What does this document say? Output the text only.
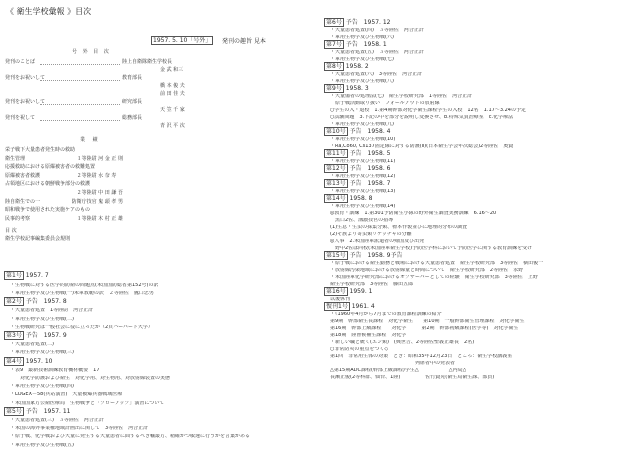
《 衛生学校彙報 》目次
1957. 5. 10「号外」	発刊の趣旨 見本
号 外 目 次
発刊のことば	陸上自衛隊衛生学校長
金 武 和三
発刊をお祝いして	教育部長
橋 本 俊 夫
前 田 佳 夫
発刊をお祝いして	研究部長
天 笠 千 家
発刊を祝して	総務部長
青 沢 平 次
業 績
栄子戦下大量患者発生時の救助
衛生管理　　　　　　　　　　 １等陸尉 河 金 正 則
応援救助における原爆被害者の救難処置
原爆被害者救護　　　　　　　 ２等陸尉 水 奈 寿
占領地区における朝鮮戦争部分の救護
　　　　　　　　　　　　　　 ２等陸尉 中 田 謙 吾
陸自衛生での一　　　　　　 防衛庁技官 鬼 頭 孝 男
昭和戦争で使用された実施ケアのもの
民事的考察　　　　　　　　　 １等陸尉 木 村 正 雄
目 次
衛生学校記事編集委員会規則
第1号 1957. 7
・生物戦に対する医学的防衛の問題点(米国国防総省第152号)の訳
・軍用生物学及び生物戦(一)米軍教範の訳　２等陸佐　鷹口忠男
第2号 予告　1957. 8
・大量患者処置　1等陸尉　河合正計
・軍用生物学及び生物戦(二)
・生物戦研究は一般社会に役に立ったか（2頁ハーバード大学）
第3号 予告　1957. 9
・大量患者処置(二)
・軍用生物学及び生物戦(三)
第4号 1957. 10
・表9　最新技術訓練教育機材概要　17
　　対化学防護および衛生　対化学用、対生物用、対放射線装置の実態
・軍用生物学及び生物戦(四)
・LOGEX－58(兵站演習)　大量被爆兵器戦域医療
・米国国家方公衛医療局　生物戦争と「ブローアップ」演習について
第5号 予告　1957. 11
・大量患者処置(三)　３等陸佐　河合正計
・米国の海外事業権地域計画出に関して　3等陸佐　河合正計
・原子戦、化学戦および大量に発生する大量患者に面するべき輸最方、精確かつ敏速に行うかを言葉がある
・軍用生物学及び生物戦(五)
第6号 予告　1957. 12
・大量患者処置(四)　３等陸佐　河合正計
・軍用生物学及び生物戦(六)
第7号 予告　1958. 1
・大量患者処置(五)　３等陸佐　河合正計
・軍用生物学及び生物戦(七)
第8号 1958. 2
・大量患者処置(六)　3等陸佐　河合正計
・軍用生物学及び生物戦(八)
第9号 1958. 3
・大量傷者の処理法(七)　衛生学校研究部　1等陸佐　河合正計
　原子戦活動取り扱い　フォールアウトの放射線
○学生の入・退校　1.第4期幹部対化学衛生課程学生の入校　12名　1.17～3.24の予定
○試験問題　3.下記の中を部分を説明し変換させ、b.特殊気質治療室　c.化学療法
・軍用生物学及び生物戦(九)
第10号 予告　1958. 4
・軍用生物学及び生物戦(10)
・Ra,Co60, Cs137固定線に対する防護(Ⅱ)(日本衛生学会年次総会)2等陸佐　奥賢
第11号 予告　1958. 5
・軍用生物学及び生物戦(11)
第12号 予告　1958. 6
・軍用生物学及び生物戦(12)
第13号 予告　1958. 7
・軍用生物学及び生物戦(13)
第14号 1958. 8
・軍用生物学及び生物戦(14)
◎教育・訓練　1.第301予防衛生小隊の野外衛生調査実務訓練　6.16～20
　黒口2佐、溝濃技官の指導
(1)生息・生虫の採集分類、標本作製並びに地理的分布の調査
(2)そ族より寄虫類リケッチャの分離
◎人事　2.米国陸軍派遣者の帰国及び出発
　野中2佐は同校(米国陸軍衛生学校)予防医学科において予防医学に関する教育訓練を受け
第15号 予告　1958. 9予告
・原子戦における衛生勤務と戦場における大量患者処置　衛生学校研究部　3等陸佐　横田俊一
・放射線汚染地域における放射線量と時間について　衛生学校研究部　2等陸佐　永野
・米国陸軍化学研究部におけるオブザーバーとしての経験　衛生学校研究部　3等陸佐　上野
衛生学校研究部　3等陸佐　藤田五郎
第16号 1959. 1
以後休刊
復刊1号 1961. 4
・《1960年4月から7月までの教育課程訓練の紹介
第9期　幹部衛生長課程　対化学衛生　　第10期　一般幹部衛生管理課程　対化学衛生
第16期　幹部上級課程　　対化学　　　第2期　幹部初級課程(医学等)　対化学衛生
第18期　陸曹候補生課程　対化学
・新しい職と統く(エン類)　(興世吉、2等陸佐聖義正雄長　2名)
○非常防災の重点をつく◇
第1回　非常用生体の対策　とき：昭和35年12月23日　ところ：衛生学校講義室
　　　　　　　　　　　　　　　　　列席者中の発表者
△第15期ADC課程(幹部上級課程)学生△　　　　　　△内局△
長瀬正俊(2等科群、仙台、1陸)　　　　　佐竹賢晃(衛生局衛生課、部員)
